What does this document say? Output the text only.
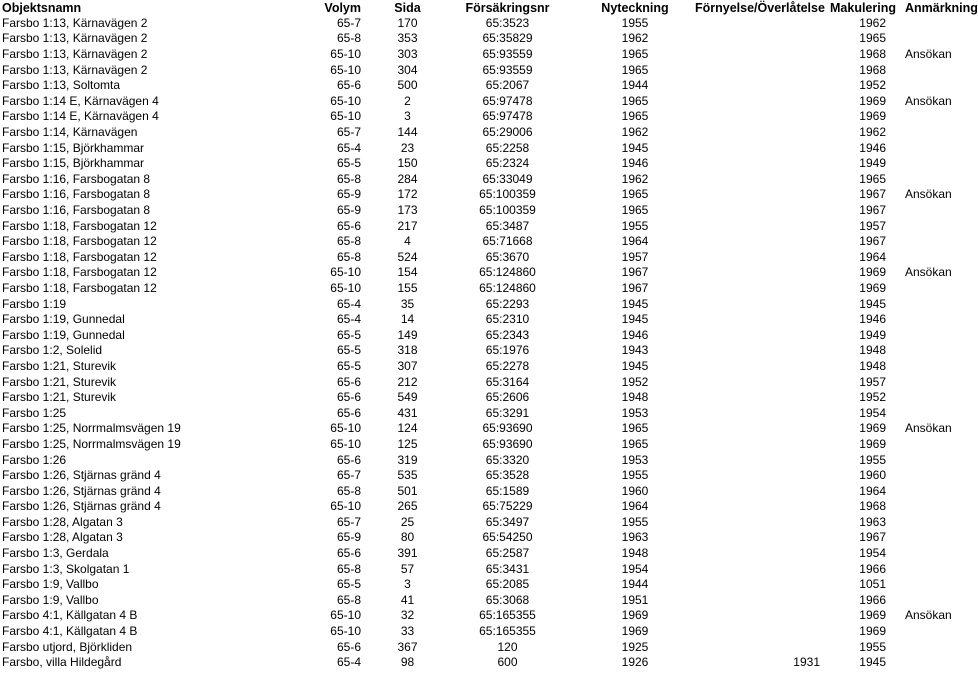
Objektsnamn	Volym	Sida	Försäkringsnr	Nyteckning	Förnyelse/Överlåtelse	Makulering	Anmärkning
Farsbo 1:13, Kärnavägen 2	65-7	170	65:3523	1955		1962	
Farsbo 1:13, Kärnavägen 2	65-8	353	65:35829	1962		1965	
Farsbo 1:13, Kärnavägen 2	65-10	303	65:93559	1965		1968	Ansökan
Farsbo 1:13, Kärnavägen 2	65-10	304	65:93559	1965		1968	
Farsbo 1:13, Soltomta	65-6	500	65:2067	1944		1952	
Farsbo 1:14 E, Kärnavägen 4	65-10	2	65:97478	1965		1969	Ansökan
Farsbo 1:14 E, Kärnavägen 4	65-10	3	65:97478	1965		1969	
Farsbo 1:14, Kärnavägen	65-7	144	65:29006	1962		1962	
Farsbo 1:15, Björkhammar	65-4	23	65:2258	1945		1946	
Farsbo 1:15, Björkhammar	65-5	150	65:2324	1946		1949	
Farsbo 1:16, Farsbogatan 8	65-8	284	65:33049	1962		1965	
Farsbo 1:16, Farsbogatan 8	65-9	172	65:100359	1965		1967	Ansökan
Farsbo 1:16, Farsbogatan 8	65-9	173	65:100359	1965		1967	
Farsbo 1:18, Farsbogatan 12	65-6	217	65:3487	1955		1957	
Farsbo 1:18, Farsbogatan 12	65-8	4	65:71668	1964		1967	
Farsbo 1:18, Farsbogatan 12	65-8	524	65:3670	1957		1964	
Farsbo 1:18, Farsbogatan 12	65-10	154	65:124860	1967		1969	Ansökan
Farsbo 1:18, Farsbogatan 12	65-10	155	65:124860	1967		1969	
Farsbo 1:19	65-4	35	65:2293	1945		1945	
Farsbo 1:19, Gunnedal	65-4	14	65:2310	1945		1946	
Farsbo 1:19, Gunnedal	65-5	149	65:2343	1946		1949	
Farsbo 1:2, Solelid	65-5	318	65:1976	1943		1948	
Farsbo 1:21, Sturevik	65-5	307	65:2278	1945		1948	
Farsbo 1:21, Sturevik	65-6	212	65:3164	1952		1957	
Farsbo 1:21, Sturevik	65-6	549	65:2606	1948		1952	
Farsbo 1:25	65-6	431	65:3291	1953		1954	
Farsbo 1:25, Norrmalmsvägen 19	65-10	124	65:93690	1965		1969	Ansökan
Farsbo 1:25, Norrmalmsvägen 19	65-10	125	65:93690	1965		1969	
Farsbo 1:26	65-6	319	65:3320	1953		1955	
Farsbo 1:26, Stjärnas gränd 4	65-7	535	65:3528	1955		1960	
Farsbo 1:26, Stjärnas gränd 4	65-8	501	65:1589	1960		1964	
Farsbo 1:26, Stjärnas gränd 4	65-10	265	65:75229	1964		1968	
Farsbo 1:28, Algatan 3	65-7	25	65:3497	1955		1963	
Farsbo 1:28, Algatan 3	65-9	80	65:54250	1963		1967	
Farsbo 1:3, Gerdala	65-6	391	65:2587	1948		1954	
Farsbo 1:3, Skolgatan 1	65-8	57	65:3431	1954		1966	
Farsbo 1:9, Vallbo	65-5	3	65:2085	1944		1051	
Farsbo 1:9, Vallbo	65-8	41	65:3068	1951		1966	
Farsbo 4:1, Källgatan 4 B	65-10	32	65:165355	1969		1969	Ansökan
Farsbo 4:1, Källgatan 4 B	65-10	33	65:165355	1969		1969	
Farsbo utjord, Björkliden	65-6	367	120	1925		1955	
Farsbo, villa Hildegård	65-4	98	600	1926	1931	1945	
